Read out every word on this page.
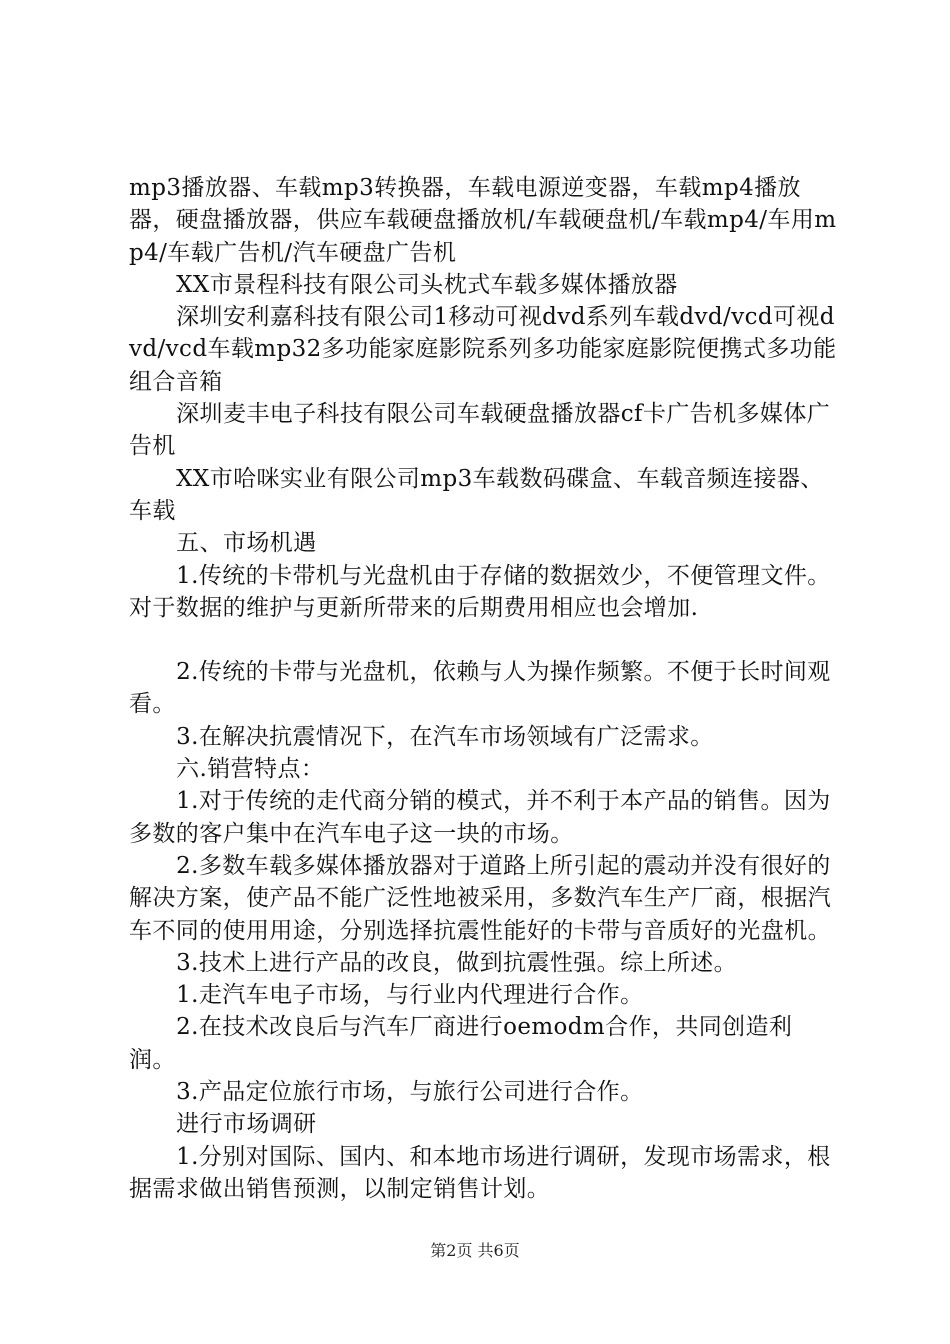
mp3播放器、车载mp3转换器，车载电源逆变器，车载mp4播放器，硬盘播放器，供应车载硬盘播放机/车载硬盘机/车载mp4/车用mp4/车载广告机/汽车硬盘广告机

XX市景程科技有限公司头枕式车载多媒体播放器

深圳安利嘉科技有限公司1移动可视dvd系列车载dvd/vcd可视dvd/vcd车载mp32多功能家庭影院系列多功能家庭影院便携式多功能组合音箱

深圳麦丰电子科技有限公司车载硬盘播放器cf卡广告机多媒体广告机

XX市哈咪实业有限公司mp3车载数码碟盒、车载音频连接器、车载

五、市场机遇

1.传统的卡带机与光盘机由于存储的数据效少，不便管理文件。对于数据的维护与更新所带来的后期费用相应也会增加.

2.传统的卡带与光盘机，依赖与人为操作频繁。不便于长时间观看。

3.在解决抗震情况下，在汽车市场领域有广泛需求。

六.销营特点：

1.对于传统的走代商分销的模式，并不利于本产品的销售。因为多数的客户集中在汽车电子这一块的市场。

2.多数车载多媒体播放器对于道路上所引起的震动并没有很好的解决方案，使产品不能广泛性地被采用，多数汽车生产厂商，根据汽车不同的使用用途，分别选择抗震性能好的卡带与音质好的光盘机。

3.技术上进行产品的改良，做到抗震性强。综上所述。

1.走汽车电子市场，与行业内代理进行合作。

2.在技术改良后与汽车厂商进行oemodm合作，共同创造利润。

3.产品定位旅行市场，与旅行公司进行合作。

进行市场调研

1.分别对国际、国内、和本地市场进行调研，发现市场需求，根据需求做出销售预测，以制定销售计划。

第2页 共6页
